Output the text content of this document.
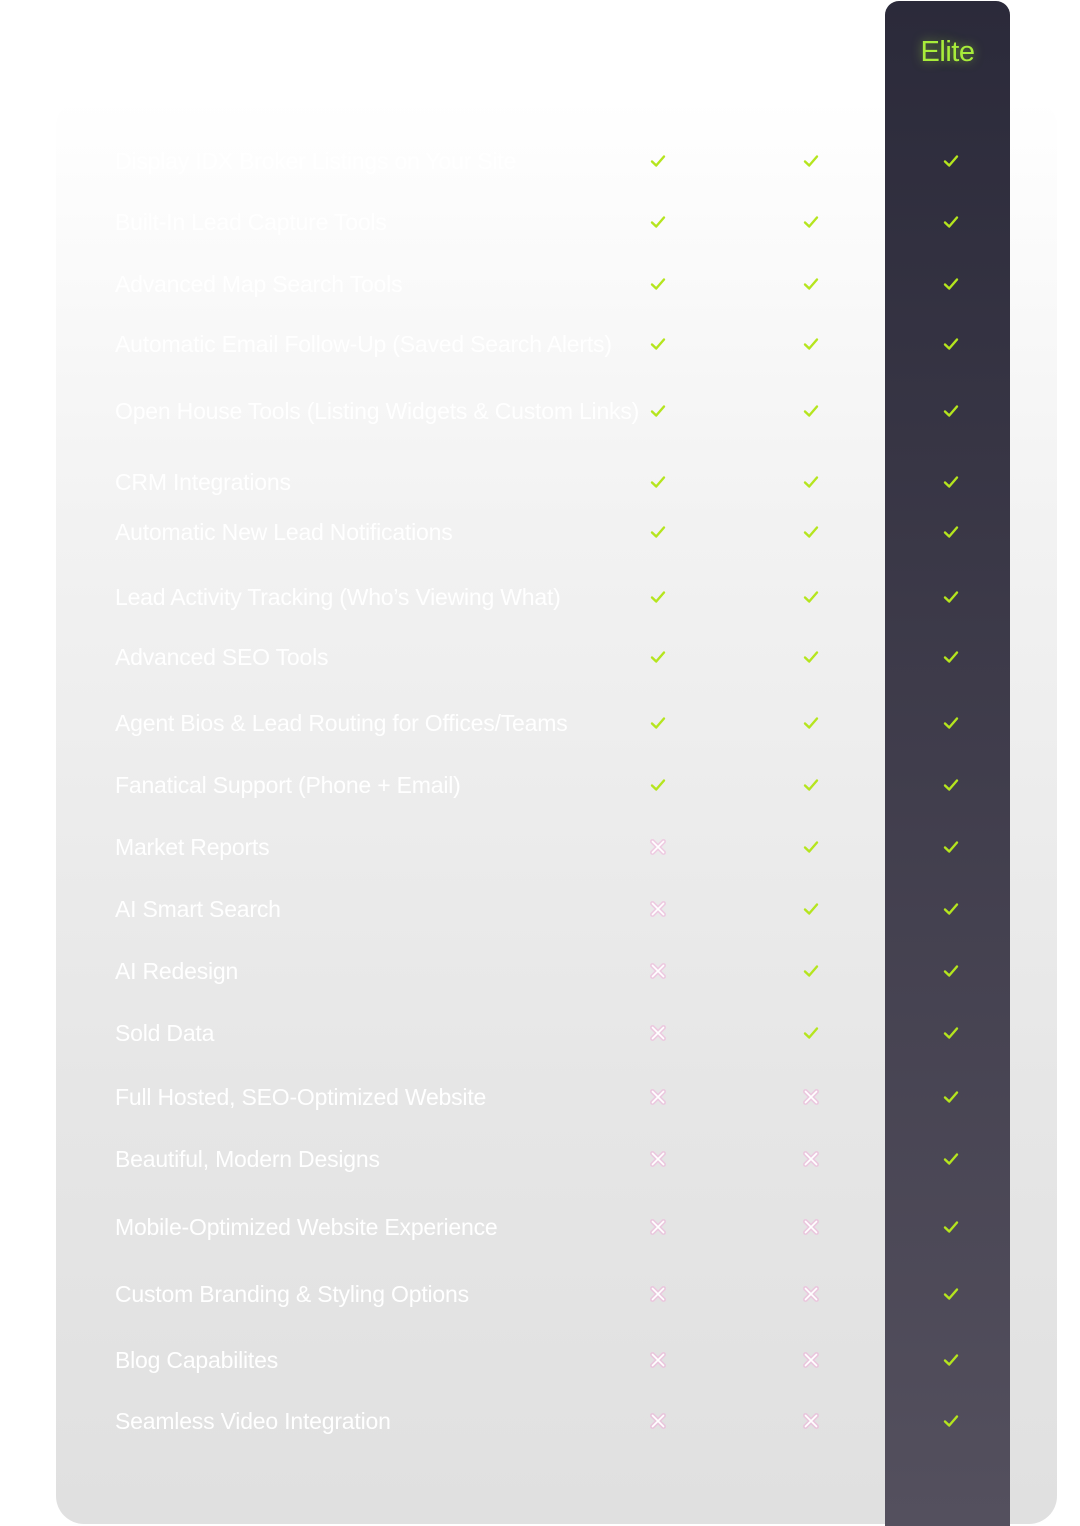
Elite
Display IDX Broker Listings on Your Site
Built-In Lead Capture Tools
Advanced Map Search Tools
Automatic Email Follow-Up (Saved Search Alerts)
Open House Tools (Listing Widgets & Custom Links)
CRM Integrations
Automatic New Lead Notifications
Lead Activity Tracking (Who’s Viewing What)
Advanced SEO Tools
Agent Bios & Lead Routing for Offices/Teams
Fanatical Support (Phone + Email)
Market Reports
AI Smart Search
AI Redesign
Sold Data
Full Hosted, SEO-Optimized Website
Beautiful, Modern Designs
Mobile-Optimized Website Experience
Custom Branding & Styling Options
Blog Capabilites
Seamless Video Integration
